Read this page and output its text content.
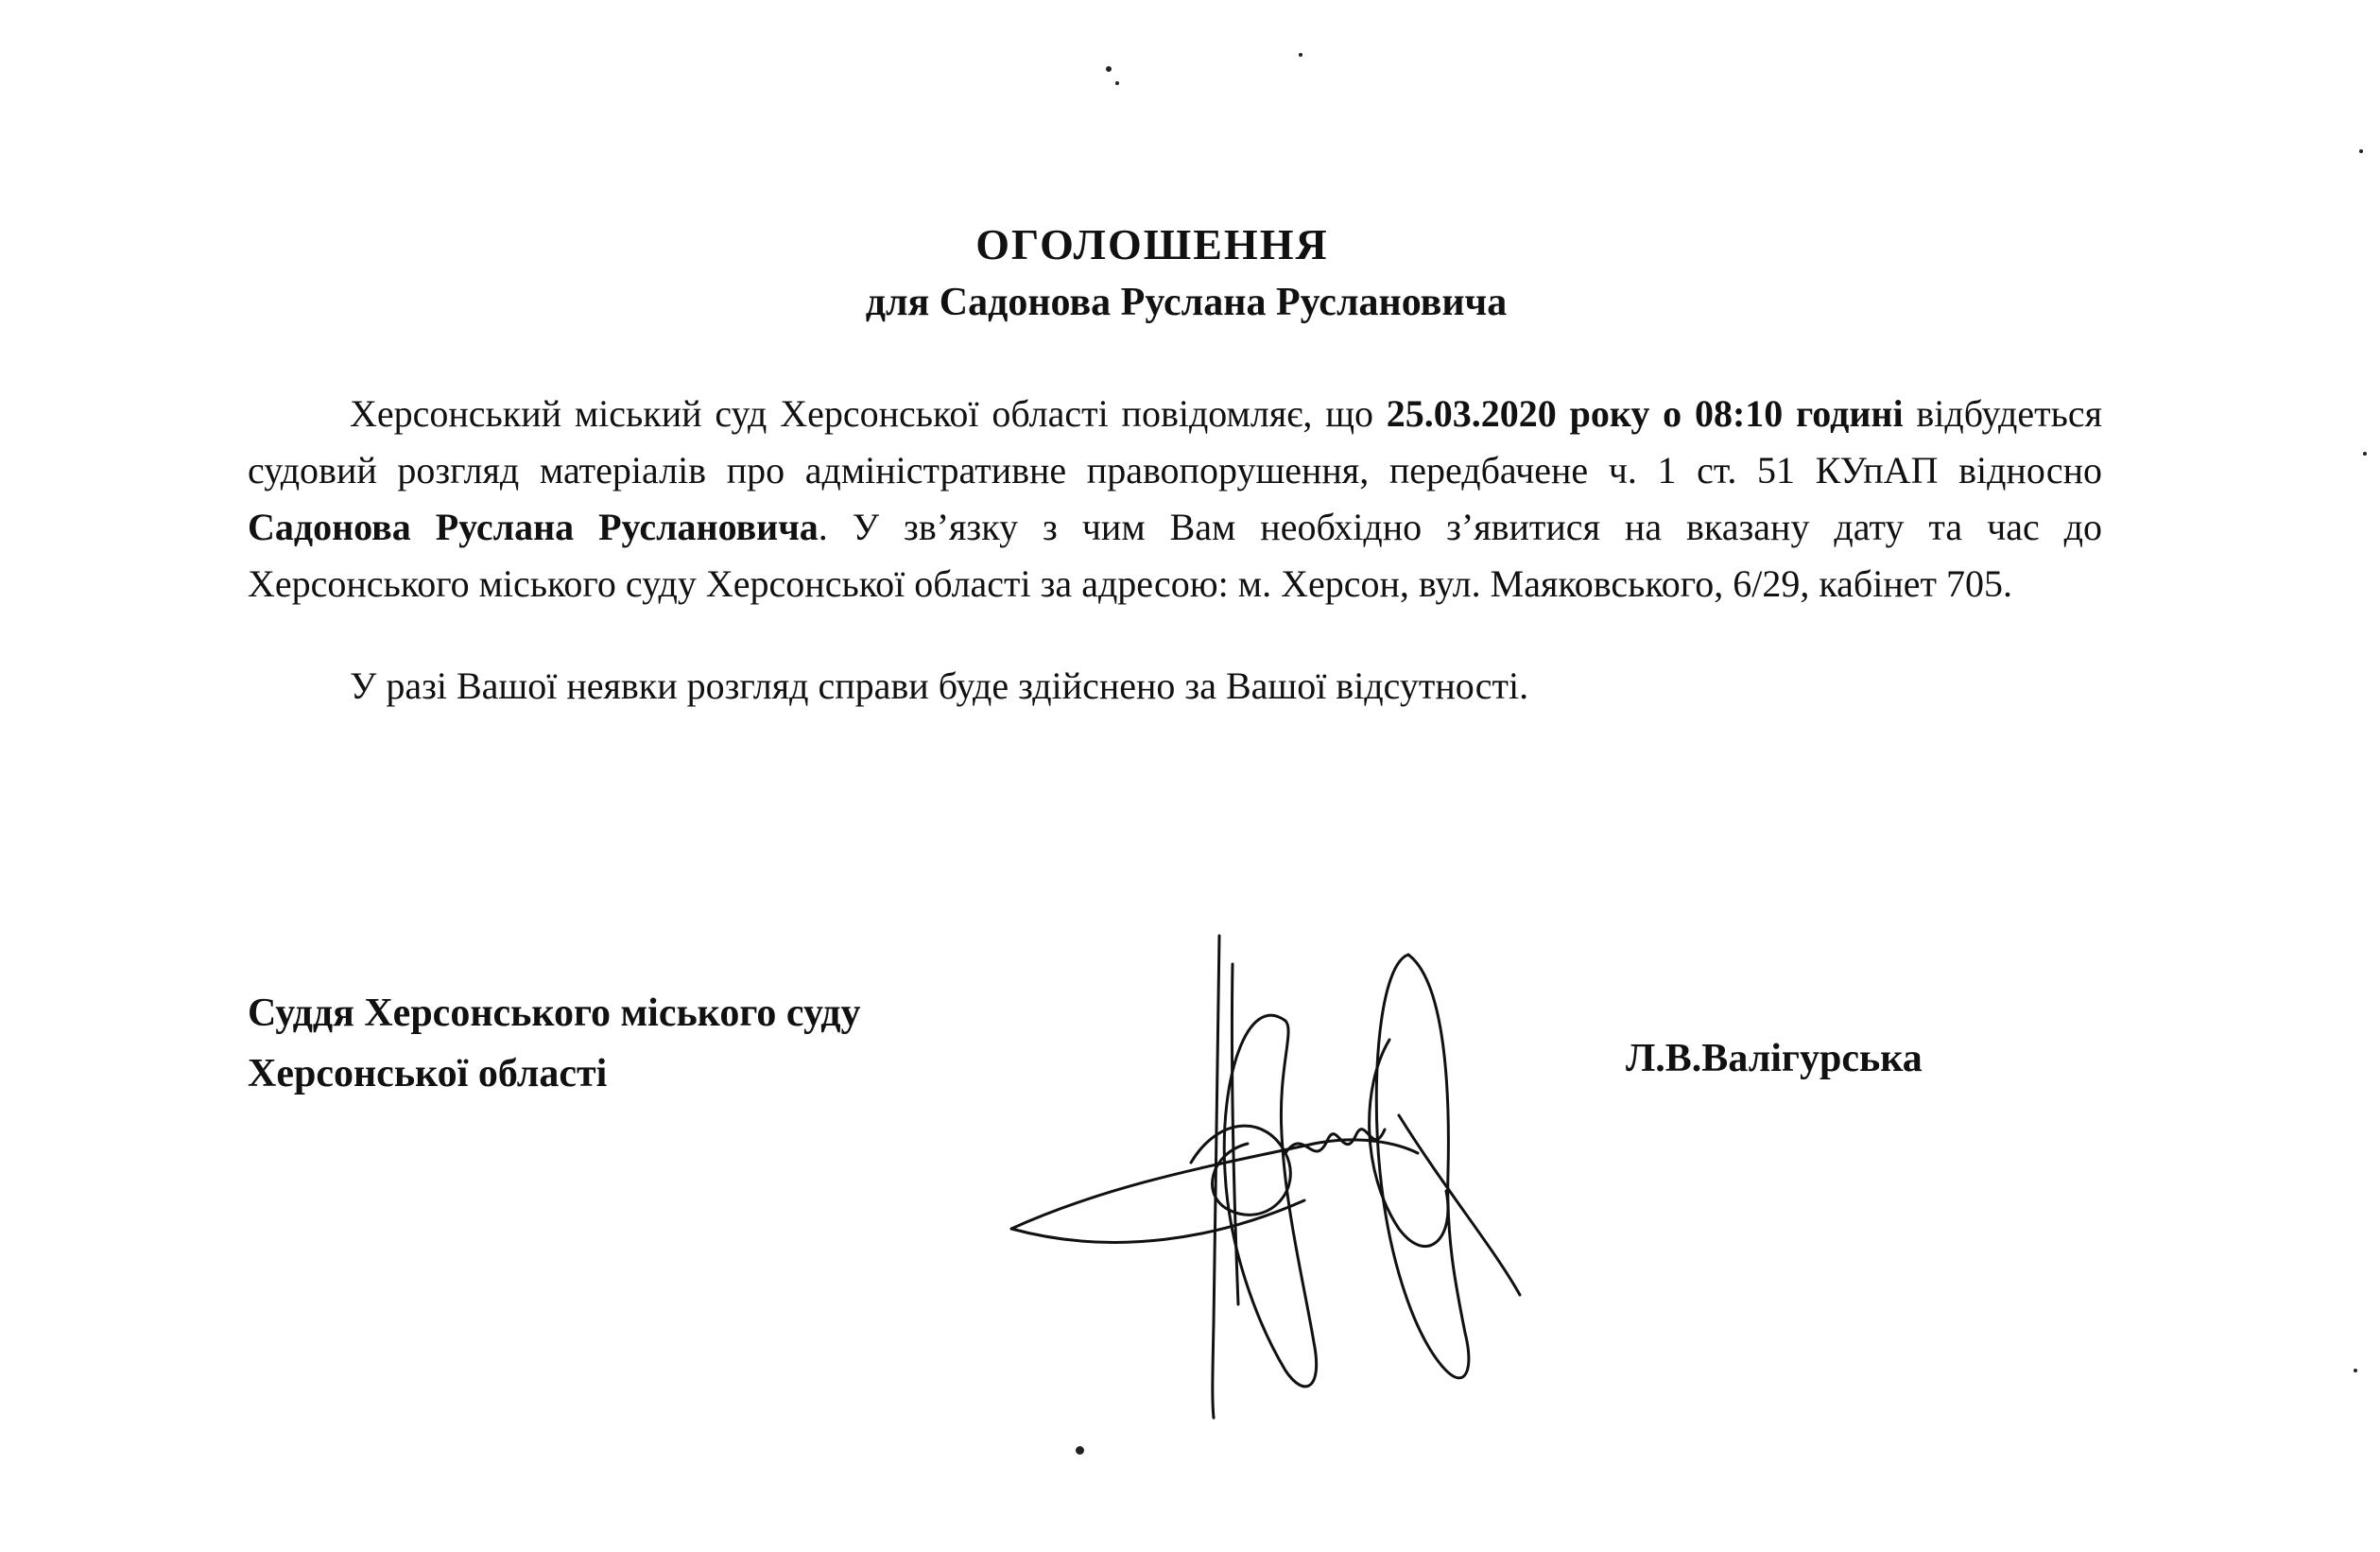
ОГОЛОШЕННЯ
для Садонова Руслана Руслановича

Херсонський міський суд Херсонської області повідомляє, що 25.03.2020 року о 08:10 годині відбудеться судовий розгляд матеріалів про адміністративне правопорушення, передбачене ч. 1 ст. 51 КУпАП відносно Садонова Руслана Руслановича. У зв’язку з чим Вам необхідно з’явитися на вказану дату та час до Херсонського міського суду Херсонської області за адресою: м. Херсон, вул. Маяковського, 6/29, кабінет 705.

У разі Вашої неявки розгляд справи буде здійснено за Вашої відсутності.

Суддя Херсонського міського суду
Херсонської області	Л.В.Валігурська
